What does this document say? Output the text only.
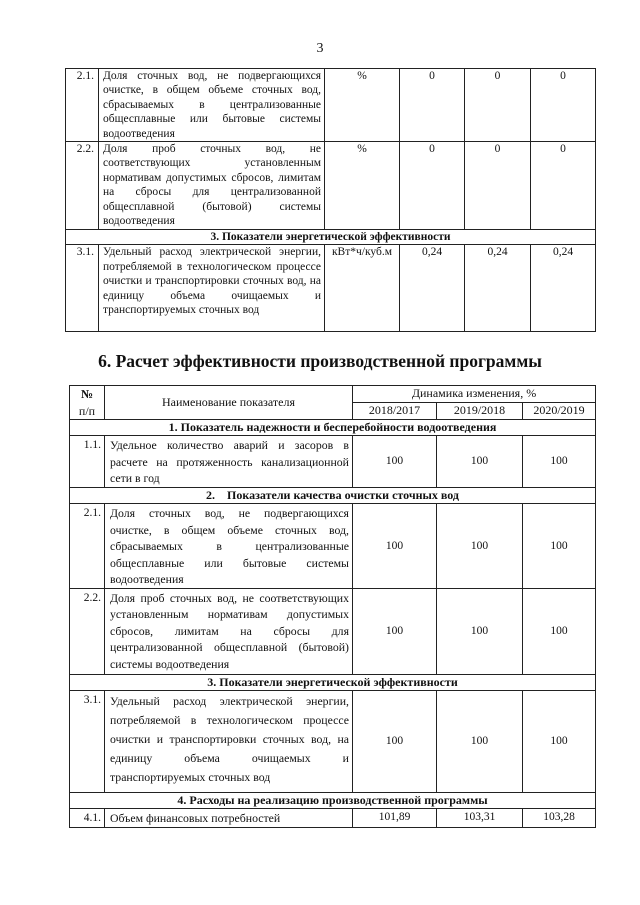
3
2.1.	Доля сточных вод, не подвергающихся очистке, в общем объеме сточных вод, сбрасываемых в централизованные общесплавные или бытовые системы водоотведения	%	0	0	0
2.2.	Доля проб сточных вод, не соответствующих установленным нормативам допустимых сбросов, лимитам на сбросы для централизованной общесплавной (бытовой) системы водоотведения	%	0	0	0
3. Показатели энергетической эффективности					
3.1.	Удельный расход электрической энергии, потребляемой в технологическом процессе очистки и транспортировки сточных вод, на единицу объема очищаемых и транспортируемых сточных вод	кВт*ч/куб.м	0,24	0,24	0,24
6. Расчет эффективности производственной программы
№
п/п	Наименование показателя	Динамика изменения, %		
		2018/2017	2019/2018	2020/2019
1. Показатель надежности и бесперебойности водоотведения				
1.1.	Удельное количество аварий и засоров в расчете на протяженность канализационной сети в год	100	100	100
2.    Показатели качества очистки сточных вод				
2.1.	Доля сточных вод, не подвергающихся очистке, в общем объеме сточных вод, сбрасываемых в централизованные общесплавные или бытовые системы водоотведения	100	100	100
2.2.	Доля проб сточных вод, не соответствующих установленным нормативам допустимых сбросов, лимитам на сбросы для централизованной общесплавной (бытовой) системы водоотведения	100	100	100
3. Показатели энергетической эффективности				
3.1.	Удельный расход электрической энергии, потребляемой в технологическом процессе очистки и транспортировки сточных вод, на единицу объема очищаемых и транспортируемых сточных вод	100	100	100
4. Расходы на реализацию производственной программы				
4.1.	Объем финансовых потребностей	101,89	103,31	103,28
